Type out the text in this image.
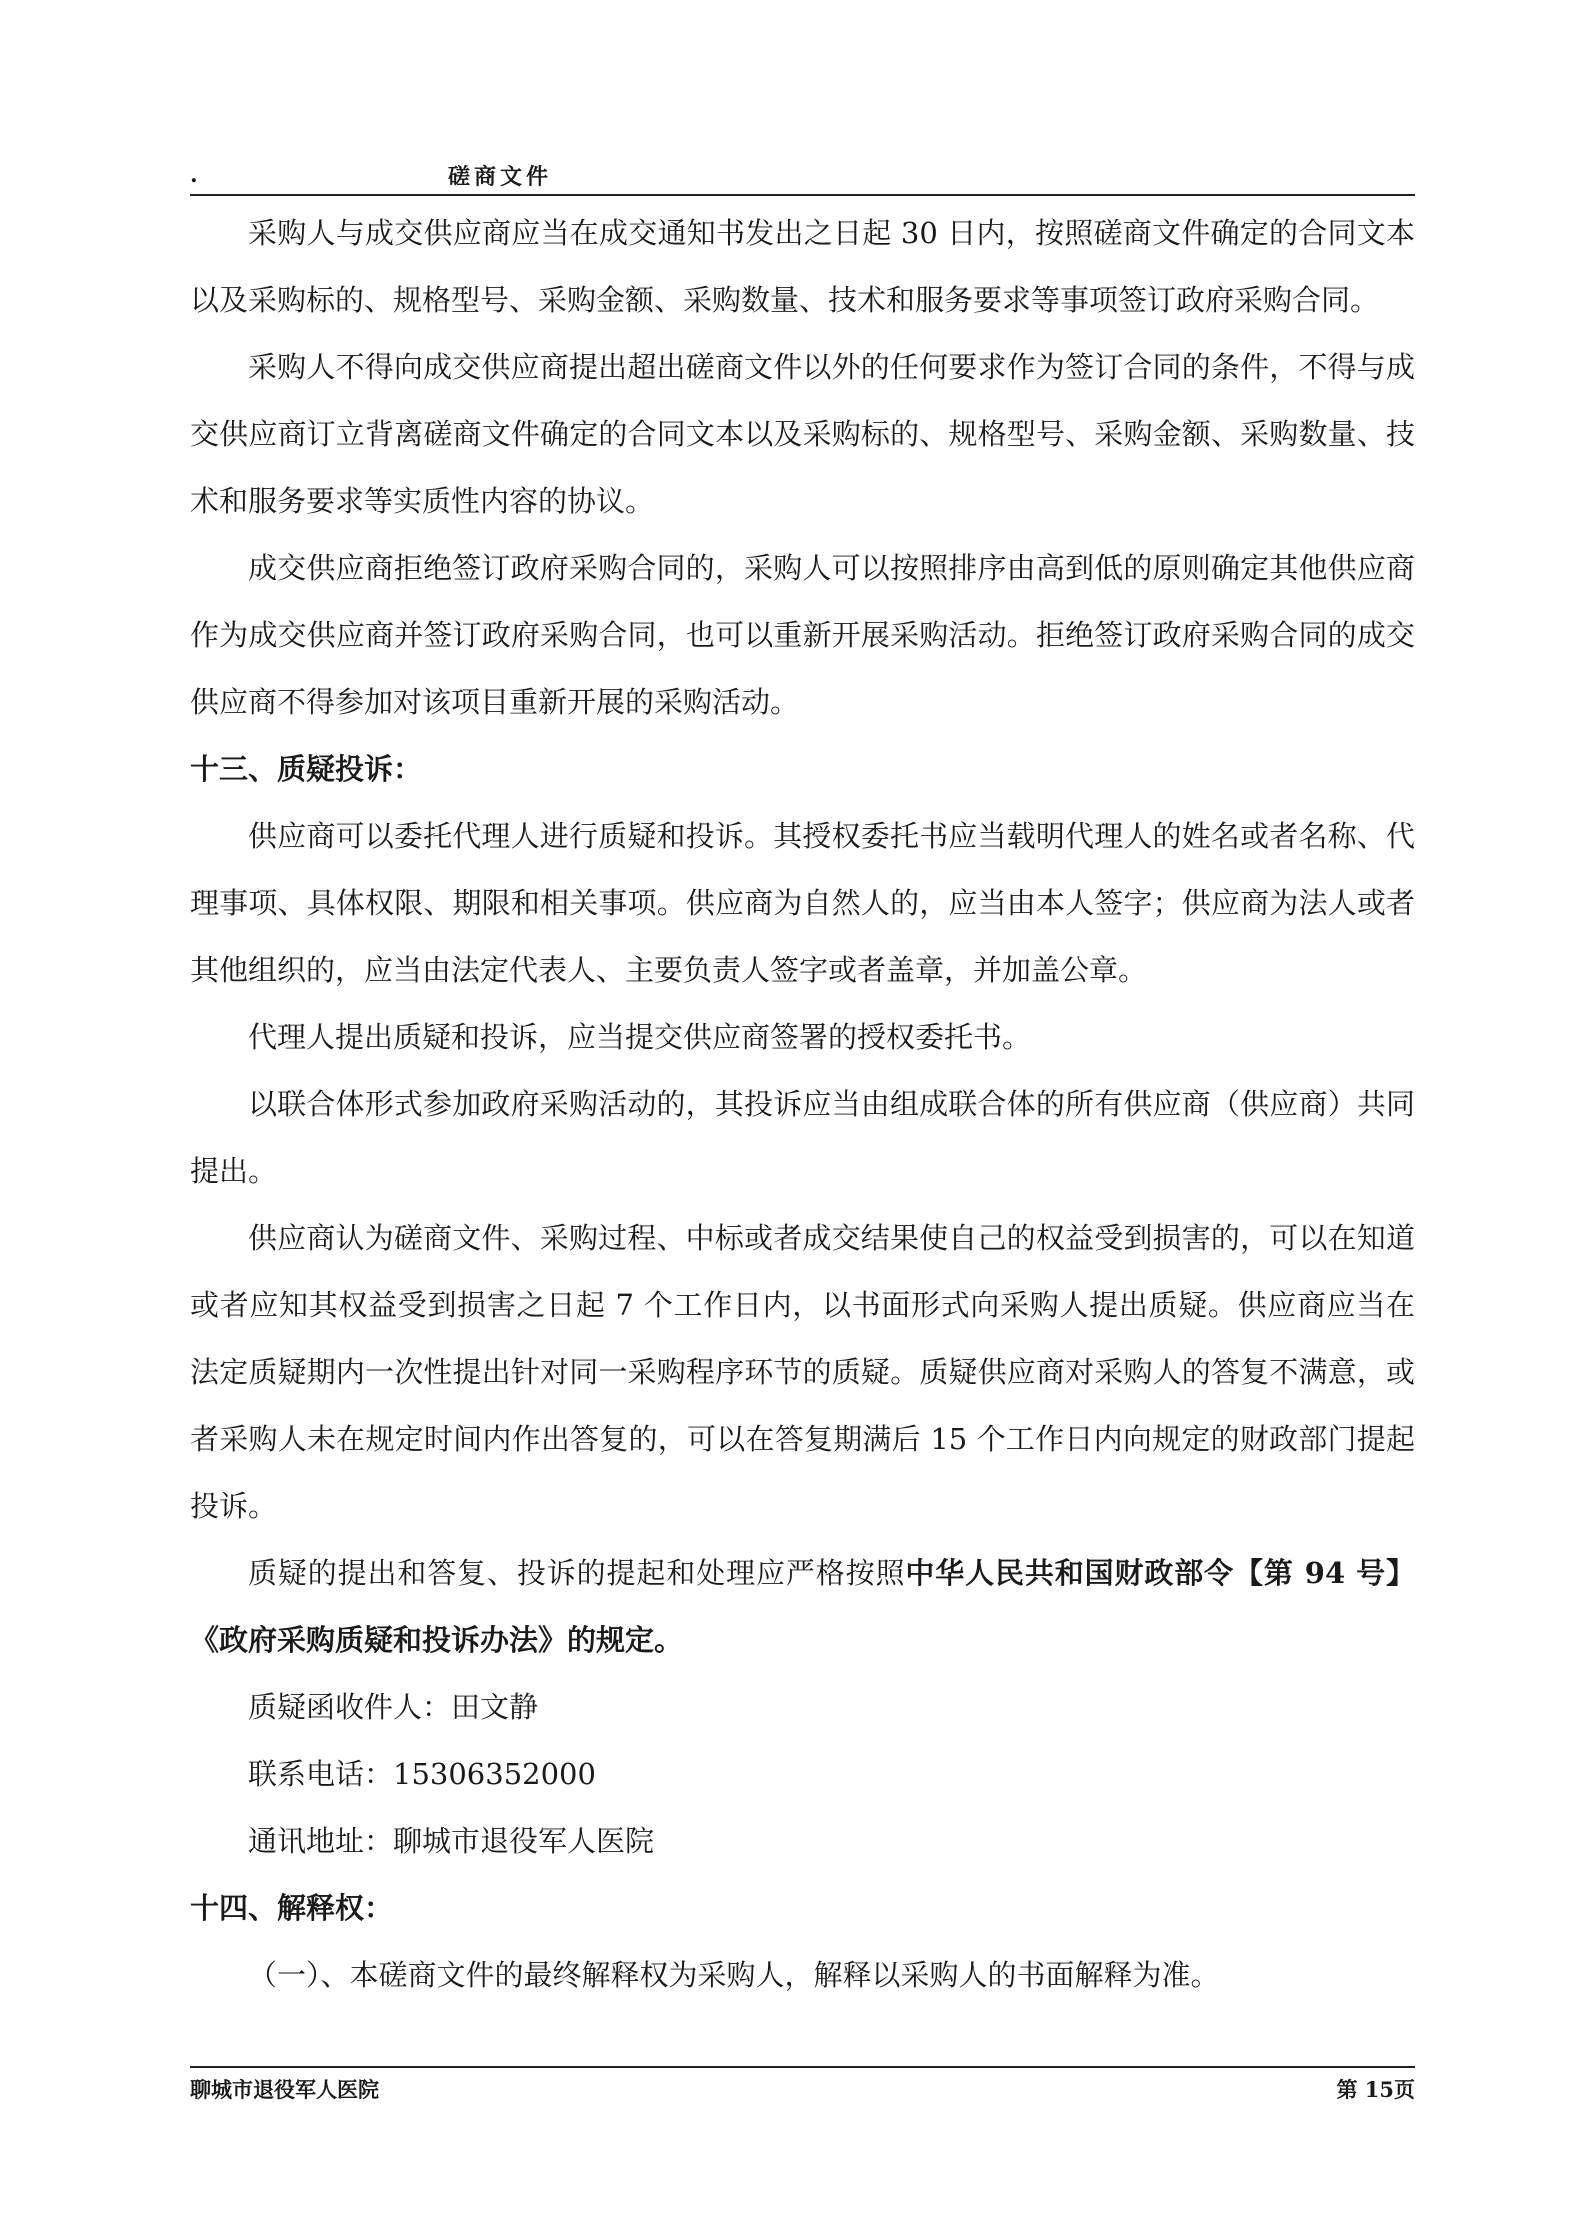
.	磋商文件

采购人与成交供应商应当在成交通知书发出之日起 30 日内，按照磋商文件确定的合同文本以及采购标的、规格型号、采购金额、采购数量、技术和服务要求等事项签订政府采购合同。

采购人不得向成交供应商提出超出磋商文件以外的任何要求作为签订合同的条件，不得与成交供应商订立背离磋商文件确定的合同文本以及采购标的、规格型号、采购金额、采购数量、技术和服务要求等实质性内容的协议。

成交供应商拒绝签订政府采购合同的，采购人可以按照排序由高到低的原则确定其他供应商作为成交供应商并签订政府采购合同，也可以重新开展采购活动。拒绝签订政府采购合同的成交供应商不得参加对该项目重新开展的采购活动。

十三、质疑投诉：

供应商可以委托代理人进行质疑和投诉。其授权委托书应当载明代理人的姓名或者名称、代理事项、具体权限、期限和相关事项。供应商为自然人的，应当由本人签字；供应商为法人或者其他组织的，应当由法定代表人、主要负责人签字或者盖章，并加盖公章。

代理人提出质疑和投诉，应当提交供应商签署的授权委托书。

以联合体形式参加政府采购活动的，其投诉应当由组成联合体的所有供应商（供应商）共同提出。

供应商认为磋商文件、采购过程、中标或者成交结果使自己的权益受到损害的，可以在知道或者应知其权益受到损害之日起 7 个工作日内，以书面形式向采购人提出质疑。供应商应当在法定质疑期内一次性提出针对同一采购程序环节的质疑。质疑供应商对采购人的答复不满意，或者采购人未在规定时间内作出答复的，可以在答复期满后 15 个工作日内向规定的财政部门提起投诉。

质疑的提出和答复、投诉的提起和处理应严格按照中华人民共和国财政部令【第 94 号】《政府采购质疑和投诉办法》的规定。

质疑函收件人：田文静

联系电话：15306352000

通讯地址：聊城市退役军人医院

十四、解释权：

（一）、本磋商文件的最终解释权为采购人，解释以采购人的书面解释为准。

聊城市退役军人医院	第 15页
